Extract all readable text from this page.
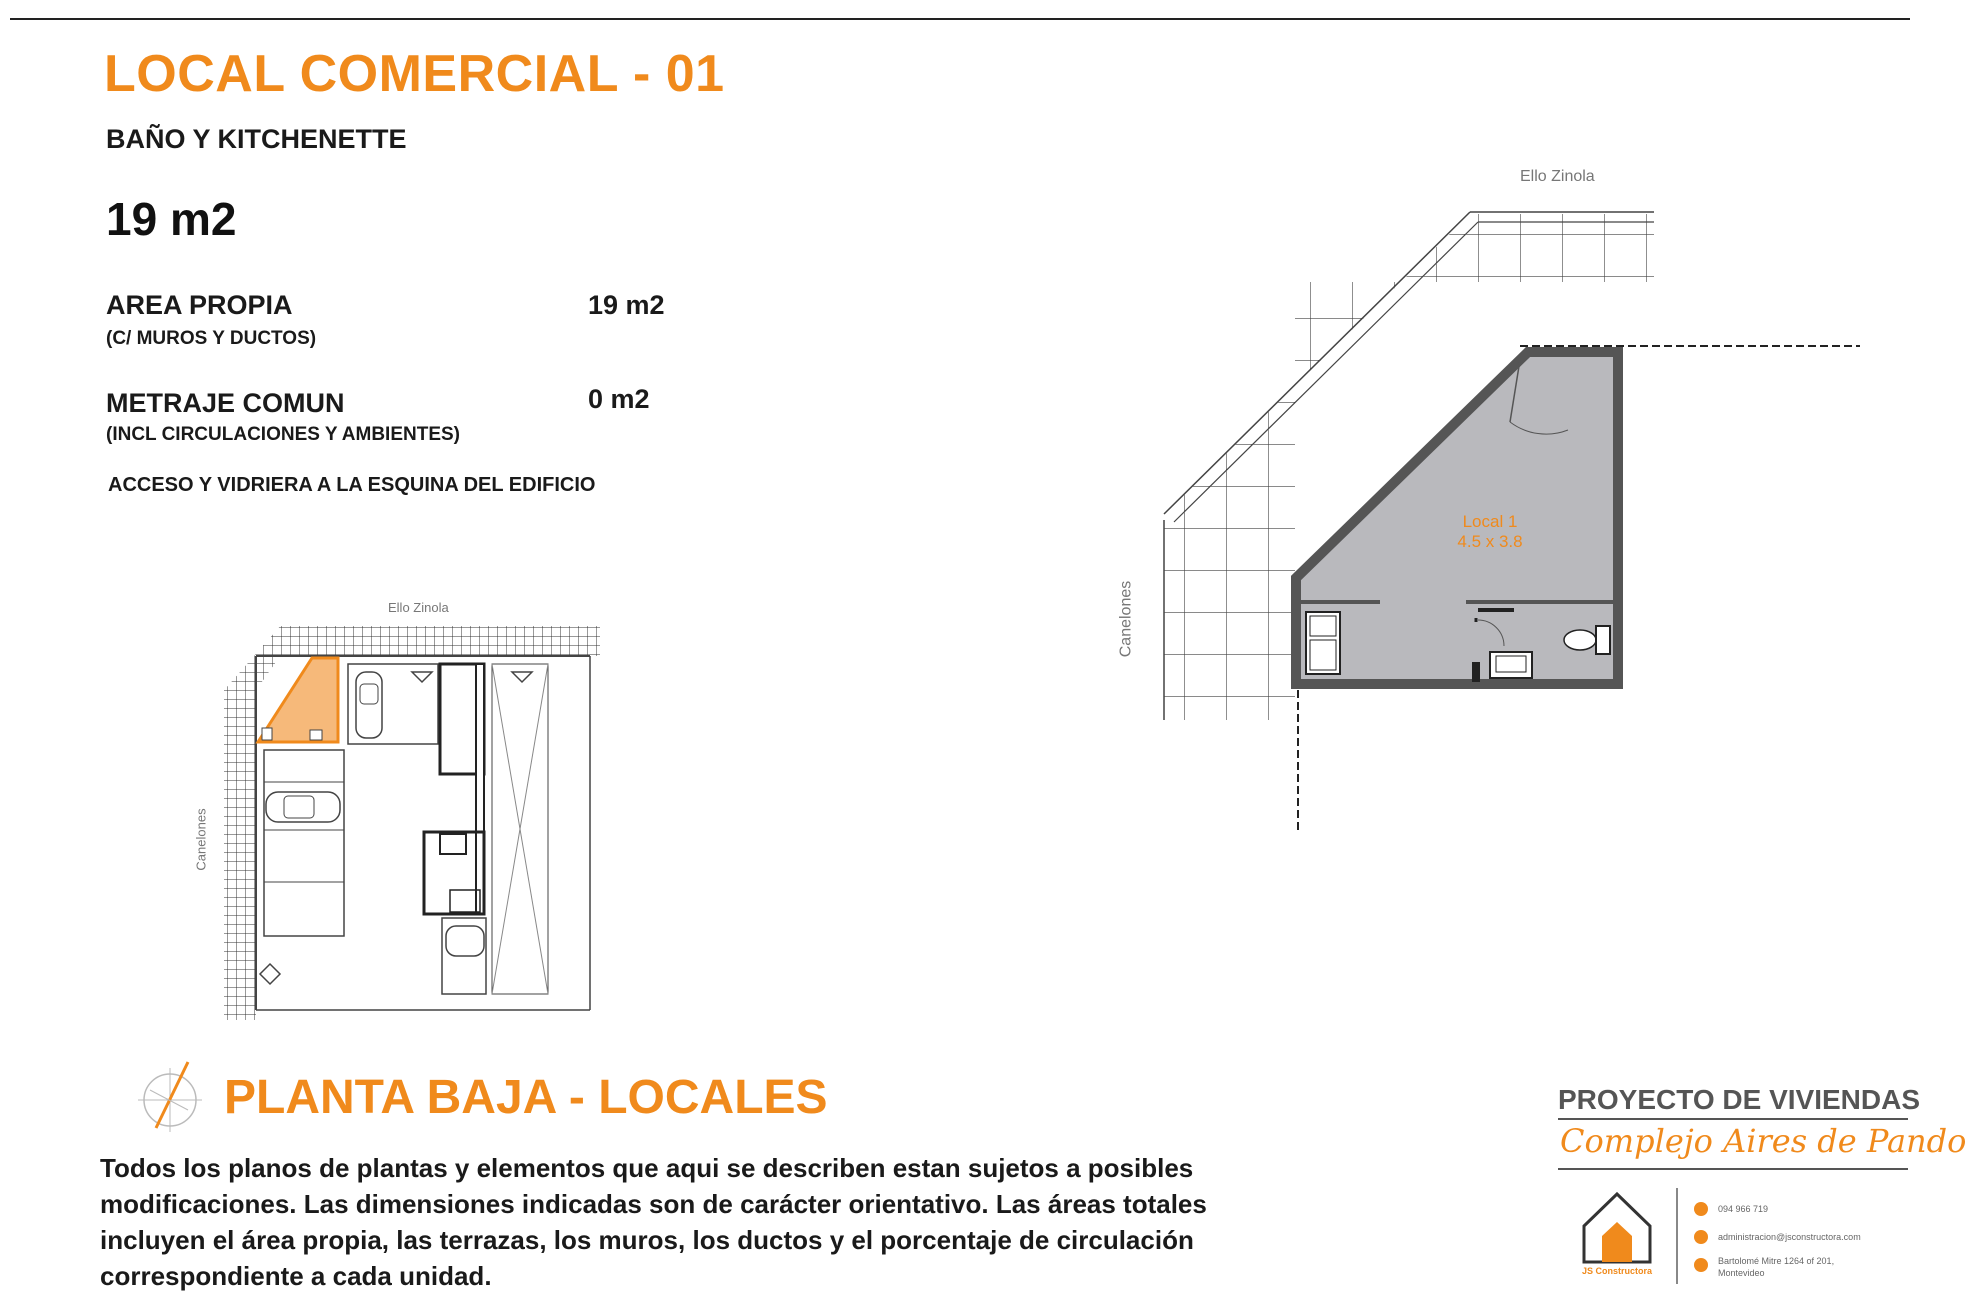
LOCAL COMERCIAL - 01
BAÑO Y KITCHENETTE
19 m2
AREA PROPIA
(C/ MUROS Y DUCTOS)
19 m2
METRAJE COMUN
(INCL CIRCULACIONES Y AMBIENTES)
0 m2
ACCESO Y VIDRIERA A LA ESQUINA DEL EDIFICIO
Ello Zinola
Canelones
Ello Zinola
Canelones
Local 1
4.5 x 3.8
PLANTA BAJA - LOCALES
Todos los planos de plantas y elementos que aqui se describen estan sujetos a posibles
modificaciones. Las dimensiones indicadas son de carácter orientativo. Las áreas totales
incluyen el área propia, las terrazas, los muros, los ductos y el porcentaje de circulación
correspondiente a cada unidad.
PROYECTO DE VIVIENDAS
Complejo Aires de Pando
JS Constructora
094 966 719
administracion@jsconstructora.com
Bartolomé Mitre 1264 of 201,
Montevideo
